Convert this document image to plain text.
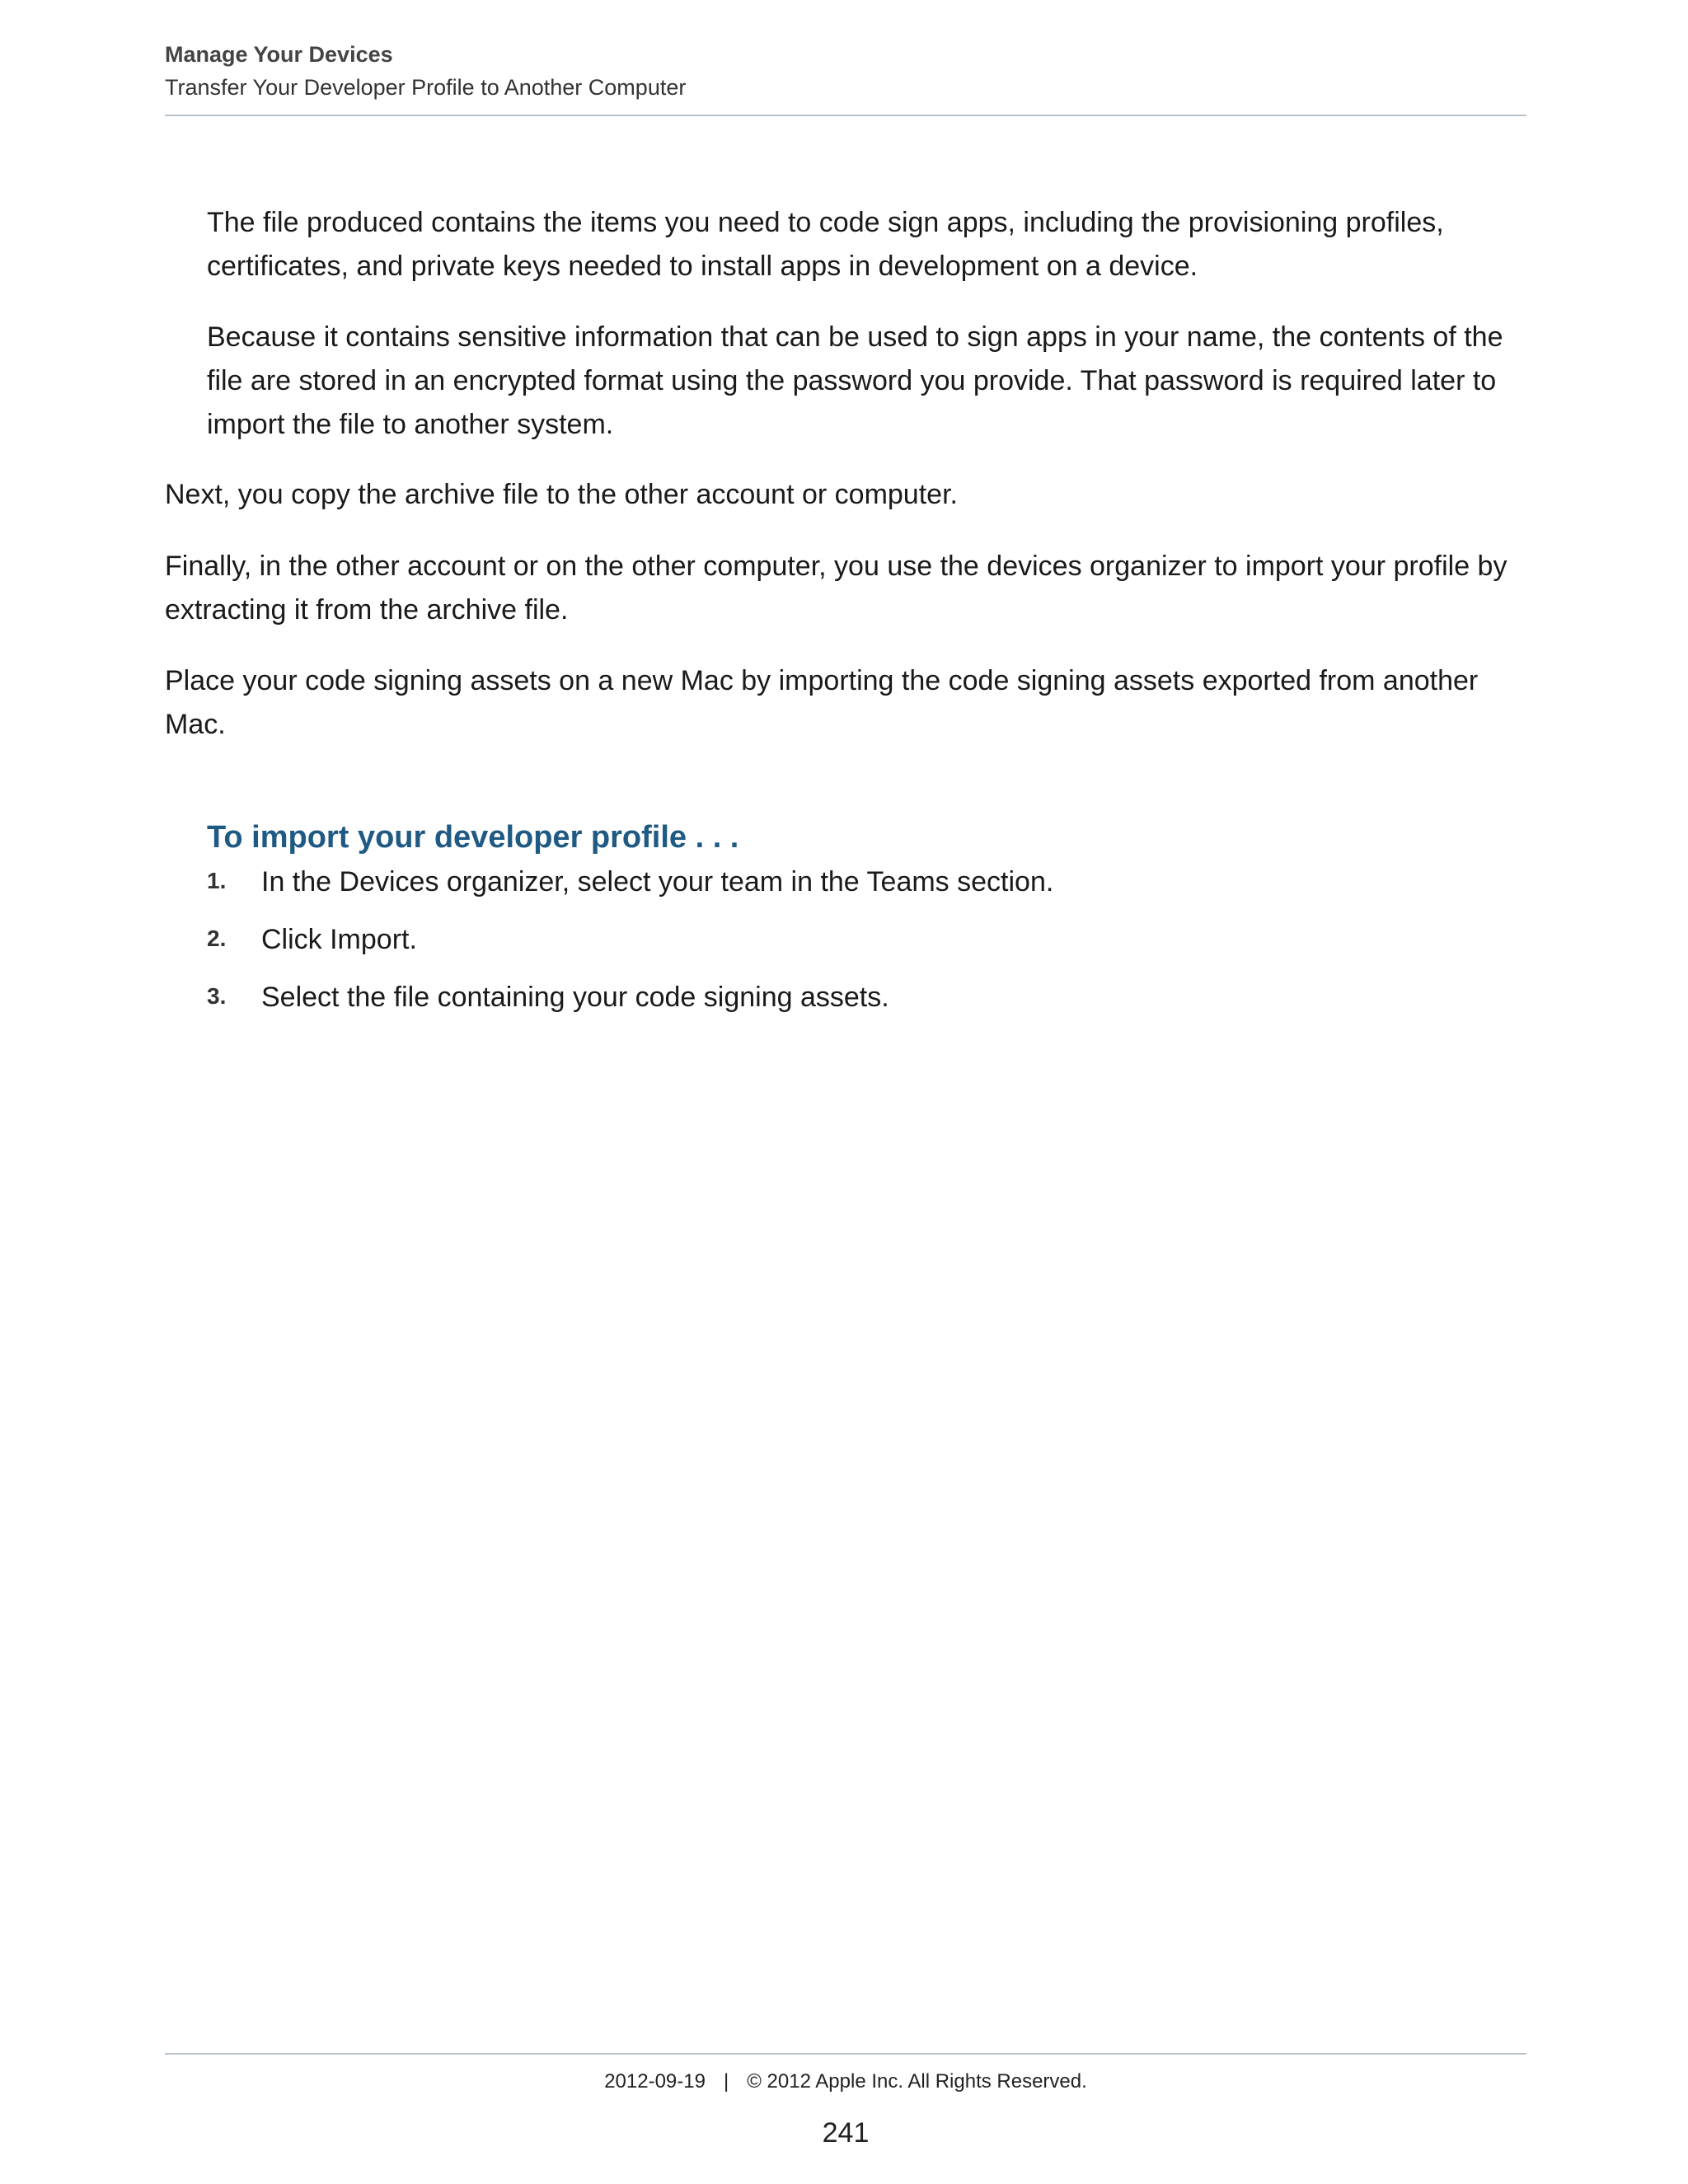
Manage Your Devices
Transfer Your Developer Profile to Another Computer

The file produced contains the items you need to code sign apps, including the provisioning profiles, certificates, and private keys needed to install apps in development on a device.

Because it contains sensitive information that can be used to sign apps in your name, the contents of the file are stored in an encrypted format using the password you provide. That password is required later to import the file to another system.

Next, you copy the archive file to the other account or computer.

Finally, in the other account or on the other computer, you use the devices organizer to import your profile by extracting it from the archive file.

Place your code signing assets on a new Mac by importing the code signing assets exported from another Mac.

To import your developer profile . . .
1. In the Devices organizer, select your team in the Teams section.
2. Click Import.
3. Select the file containing your code signing assets.
2012-09-19 | © 2012 Apple Inc. All Rights Reserved.
241
